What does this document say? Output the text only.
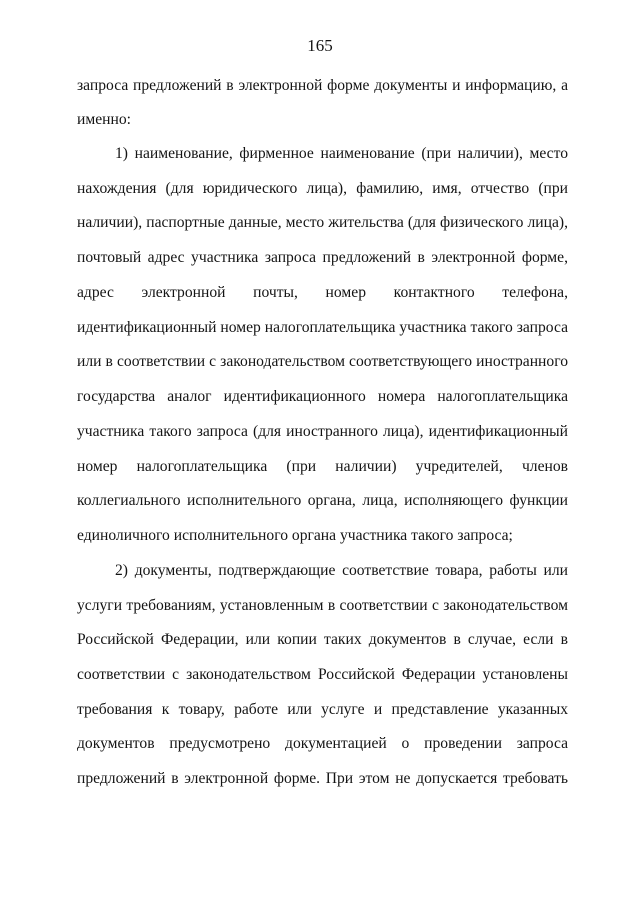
165
запроса предложений в электронной форме документы и информацию, а
именно:
1) наименование, фирменное наименование (при наличии), место
нахождения (для юридического лица), фамилию, имя, отчество (при
наличии), паспортные данные, место жительства (для физического лица),
почтовый адрес участника запроса предложений в электронной форме,
адрес электронной почты, номер контактного телефона,
идентификационный номер налогоплательщика участника такого запроса
или в соответствии с законодательством соответствующего иностранного
государства аналог идентификационного номера налогоплательщика
участника такого запроса (для иностранного лица), идентификационный
номер налогоплательщика (при наличии) учредителей, членов
коллегиального исполнительного органа, лица, исполняющего функции
единоличного исполнительного органа участника такого запроса;
2) документы, подтверждающие соответствие товара, работы или
услуги требованиям, установленным в соответствии с законодательством
Российской Федерации, или копии таких документов в случае, если в
соответствии с законодательством Российской Федерации установлены
требования к товару, работе или услуге и представление указанных
документов предусмотрено документацией о проведении запроса
предложений в электронной форме. При этом не допускается требовать
